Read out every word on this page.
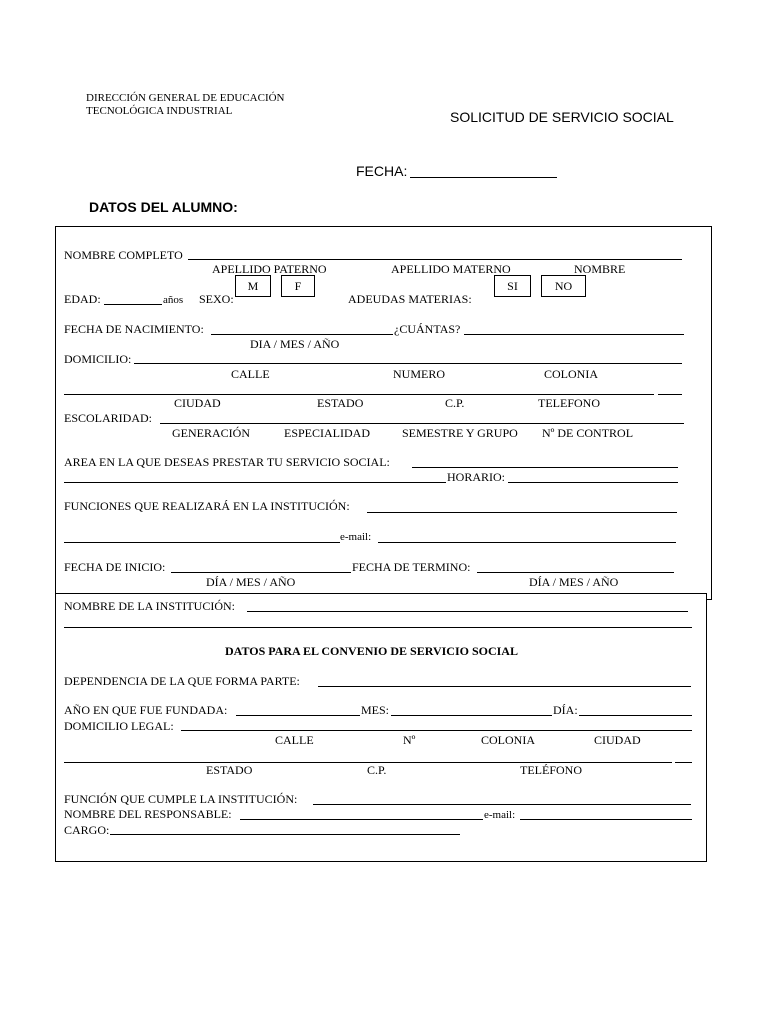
DIRECCIÓN GENERAL DE EDUCACIÓN
TECNOLÓGICA INDUSTRIAL	SOLICITUD DE SERVICIO SOCIAL
FECHA:
DATOS DEL ALUMNO:
NOMBRE COMPLETO
APELLIDO PATERNO	APELLIDO MATERNO	NOMBRE
M	F	SI	NO
EDAD:	años SEXO:	ADEUDAS MATERIAS:
FECHA DE NACIMIENTO:	¿CUÁNTAS?
DIA / MES / AÑO
DOMICILIO:
CALLE	NUMERO	COLONIA
CIUDAD	ESTADO	C.P.	TELEFONO
ESCOLARIDAD:
GENERACIÓN	ESPECIALIDAD	SEMESTRE Y GRUPO Nº DE CONTROL
AREA EN LA QUE DESEAS PRESTAR TU SERVICIO SOCIAL:
HORARIO:
FUNCIONES QUE REALIZARÁ EN LA INSTITUCIÓN:
e-mail:
FECHA DE INICIO:	FECHA DE TERMINO:
DÍA / MES / AÑO	DÍA / MES / AÑO
NOMBRE DE LA INSTITUCIÓN:
DATOS PARA EL CONVENIO DE SERVICIO SOCIAL
DEPENDENCIA DE LA QUE FORMA PARTE:
AÑO EN QUE FUE FUNDADA:	MES:	DÍA:
DOMICILIO LEGAL:
CALLE	Nº	COLONIA	CIUDAD
ESTADO	C.P.	TELÉFONO
FUNCIÓN QUE CUMPLE LA INSTITUCIÓN:
NOMBRE DEL RESPONSABLE:	e-mail:
CARGO:
